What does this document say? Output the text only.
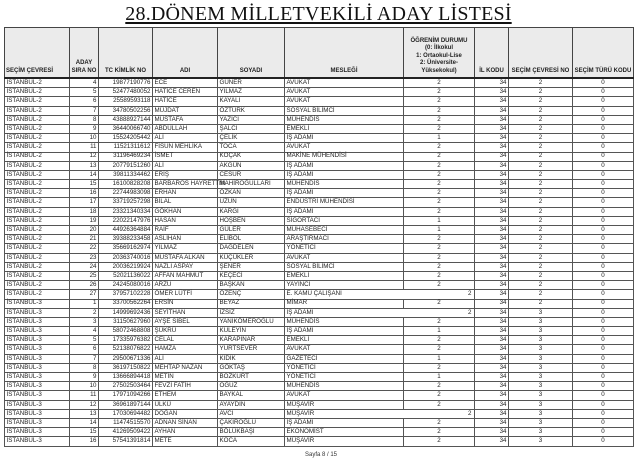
28.DÖNEM MİLLETVEKİLİ ADAY LİSTESİ
SEÇİM ÇEVRESİ	ADAY SIRA NO	TC KİMLİK NO	ADI	SOYADI	MESLEĞİ	ÖĞRENİM DURUMU
(0: İlkokul
1: Ortaokul-Lise
2: Üniversite-
Yüksekokul)	İL KODU	SEÇİM ÇEVRESİ NO	SEÇİM TÜRÜ KODU
İSTANBUL-2	4	19877190776	ECE	GÜNER	AVUKAT	2	34	2	0
İSTANBUL-2	5	52477480052	HATİCE CEREN	YILMAZ	AVUKAT	2	34	2	0
İSTANBUL-2	6	25589593118	HATİCE	KAYALI	AVUKAT	2	34	2	0
İSTANBUL-2	7	34780502256	MÜJDAT	ÖZTÜRK	SOSYAL BİLİMCİ	2	34	2	0
İSTANBUL-2	8	43888927144	MUSTAFA	YAZICI	MÜHENDİS	2	34	2	0
İSTANBUL-2	9	36440066740	ABDULLAH	ŞALCI	EMEKLİ	2	34	2	0
İSTANBUL-2	10	15524205442	ALİ	ÇELİK	İŞ ADAMI	1	34	2	0
İSTANBUL-2	11	11521311612	FİSUN MEHLİKA	TOCA	AVUKAT	2	34	2	0
İSTANBUL-2	12	31196469234	İSMET	KOÇAK	MAKİNE MÜHENDİSİ	2	34	2	0
İSTANBUL-2	13	20779151260	ALİ	AKGÜN	İŞ ADAMI	2	34	2	0
İSTANBUL-2	14	39811334462	ERİŞ	CESUR	İŞ ADAMI	2	34	2	0
İSTANBUL-2	15	16100828208	BARBAROS HAYRETTİN	MAHİROĞULLARI	MÜHENDİS	2	34	2	0
İSTANBUL-2	16	22744983098	ERHAN	ÖZKAN	İŞ ADAMI	2	34	2	0
İSTANBUL-2	17	33719257298	BİLAL	UZUN	ENDÜSTRİ MÜHENDİSİ	2	34	2	0
İSTANBUL-2	18	23321340334	GÖKHAN	KARGI	İŞ ADAMI	2	34	2	0
İSTANBUL-2	19	22022147976	HASAN	HOŞBEN	SİGORTACI	1	34	2	0
İSTANBUL-2	20	44926364884	RAİF	GÜLER	MUHASEBECİ	1	34	2	0
İSTANBUL-2	21	39388233458	ASLIHAN	ELİBOL	ARAŞTIRMACI	2	34	2	0
İSTANBUL-2	22	35669162974	YILMAZ	DAĞDELEN	YÖNETİCİ	2	34	2	0
İSTANBUL-2	23	20363740016	MUSTAFA ALKAN	KÜÇÜKLER	AVUKAT	2	34	2	0
İSTANBUL-2	24	20036219924	NAZLI ASPAY	ŞENER	SOSYAL BİLİMCİ	2	34	2	0
İSTANBUL-2	25	52021136022	AFFAN MAHMUT	KEÇECİ	EMEKLİ	2	34	2	0
İSTANBUL-2	26	24245080016	ARZU	BAŞKAN	YAYINCI	2	34	2	0
İSTANBUL-2	27	37957102228	ÖMER LÜTFİ	ÖZENÇ	E. KAMU ÇALIŞANI 2		34	2	0
İSTANBUL-3	1	33700562264	ERSİN	BEYAZ	MİMAR	2	34	2	0
İSTANBUL-3	2	14999692436	SEYİTHAN	İZSİZ	İŞ ADAMI 2		34	3	0
İSTANBUL-3	3	31150627960	AYŞE SİBEL	YANIKÖMEROĞLU	MÜHENDİS	2	34	3	0
İSTANBUL-3	4	58072468808	ŞÜKRÜ	KULEYİN	İŞ ADAMI	1	34	3	0
İSTANBUL-3	5	17335976382	CELAL	KARAPINAR	EMEKLİ	2	34	3	0
İSTANBUL-3	6	52138076822	HAMZA	YURTSEVER	AVUKAT	2	34	3	0
İSTANBUL-3	7	29500671336	ALİ	KIDIK	GAZETECİ	1	34	3	0
İSTANBUL-3	8	36197150822	MEHTAP NAZAN	GÖKTAŞ	YÖNETİCİ	2	34	3	0
İSTANBUL-3	9	13666894418	METİN	BOZKURT	YÖNETİCİ	1	34	3	0
İSTANBUL-3	10	27502503464	FEVZİ FATİH	OĞUZ	MÜHENDİS	2	34	3	0
İSTANBUL-3	11	17971094266	ETHEM	BAYKAL	AVUKAT	2	34	3	0
İSTANBUL-3	12	36961897144	ÜLKÜ	AYAYDIN	MÜŞAVİR	2	34	3	0
İSTANBUL-3	13	17030694482	DOĞAN	AVCI	MÜŞAVİR 2		34	3	0
İSTANBUL-3	14	11474515570	ADNAN SİNAN	ÇAKIROĞLU	İŞ ADAMI	2	34	3	0
İSTANBUL-3	15	41269509422	AYHAN	BÖLÜKBAŞI	EKONOMİST	2	34	3	0
İSTANBUL-3	16	57541391814	METE	KOCA	MÜŞAVİR	2	34	3	0
Sayfa 8 / 15
